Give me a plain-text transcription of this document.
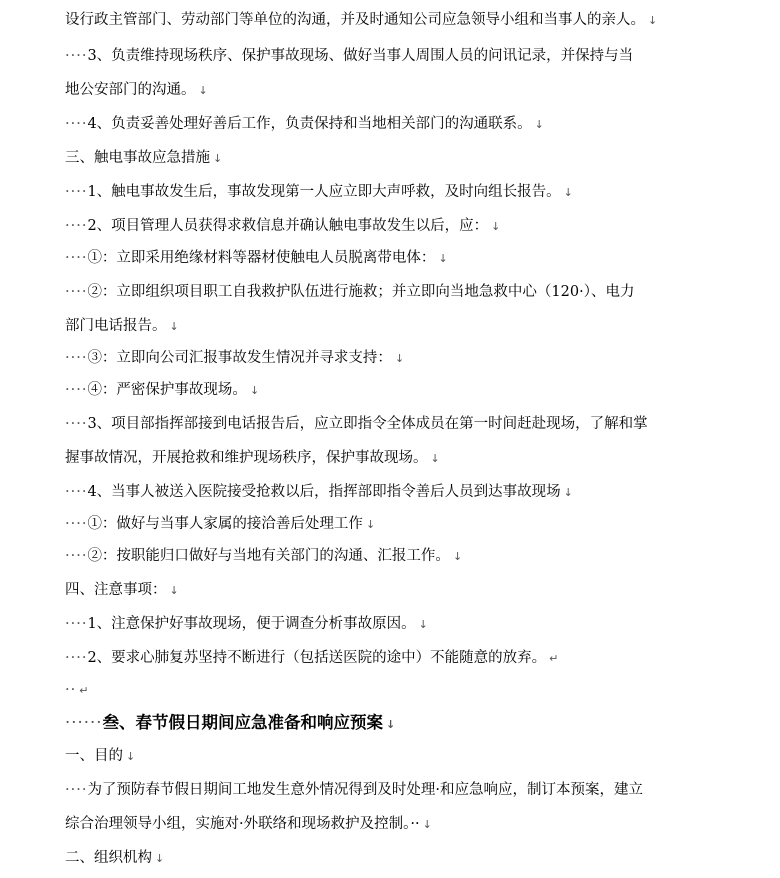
设行政主管部门、劳动部门等单位的沟通，并及时通知公司应急领导小组和当事人的亲人。 ↓
····3、负责维持现场秩序、保护事故现场、做好当事人周围人员的问讯记录，并保持与当
地公安部门的沟通。 ↓
····4、负责妥善处理好善后工作，负责保持和当地相关部门的沟通联系。 ↓
三、触电事故应急措施 ↓
····1、触电事故发生后，事故发现第一人应立即大声呼救，及时向组长报告。 ↓
····2、项目管理人员获得求救信息并确认触电事故发生以后，应： ↓
····①：立即采用绝缘材料等器材使触电人员脱离带电体： ↓
····②：立即组织项目职工自我救护队伍进行施救；并立即向当地急救中心（120·）、电力
部门电话报告。 ↓
····③：立即向公司汇报事故发生情况并寻求支持： ↓
····④：严密保护事故现场。 ↓
····3、项目部指挥部接到电话报告后，应立即指令全体成员在第一时间赶赴现场，了解和掌
握事故情况，开展抢救和维护现场秩序，保护事故现场。 ↓
····4、当事人被送入医院接受抢救以后，指挥部即指令善后人员到达事故现场 ↓
····①：做好与当事人家属的接洽善后处理工作 ↓
····②：按职能归口做好与当地有关部门的沟通、汇报工作。 ↓
四、注意事项： ↓
····1、注意保护好事故现场，便于调查分析事故原因。 ↓
····2、要求心肺复苏坚持不断进行（包括送医院的途中）不能随意的放弃。 ↵
·· ↵
······叁、春节假日期间应急准备和响应预案 ↓
一、目的 ↓
····为了预防春节假日期间工地发生意外情况得到及时处理·和应急响应，制订本预案，建立
综合治理领导小组，实施对·外联络和现场救护及控制。·· ↓
二、组织机构 ↓
